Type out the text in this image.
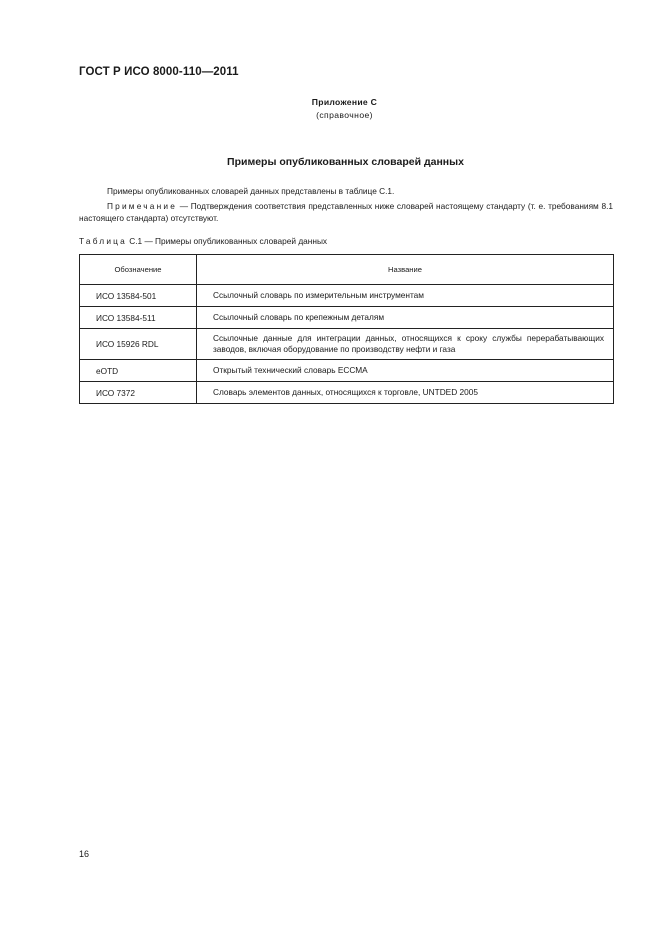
ГОСТ Р ИСО 8000-110—2011
Приложение С
(справочное)
Примеры опубликованных словарей данных
Примеры опубликованных словарей данных представлены в таблице С.1.
Примечание — Подтверждения соответствия представленных ниже словарей настоящему стандарту (т. е. требованиям 8.1 настоящего стандарта) отсутствуют.
Таблица С.1 — Примеры опубликованных словарей данных
Обозначение	Название
ИСО 13584-501	Ссылочный словарь по измерительным инструментам
ИСО 13584-511	Ссылочный словарь по крепежным деталям
ИСО 15926 RDL	Ссылочные данные для интеграции данных, относящихся к сроку службы перерабатывающих заводов, включая оборудование по производству нефти и газа
eOTD	Открытый технический словарь ЕССМА
ИСО 7372	Словарь элементов данных, относящихся к торговле, UNTDED 2005
16
